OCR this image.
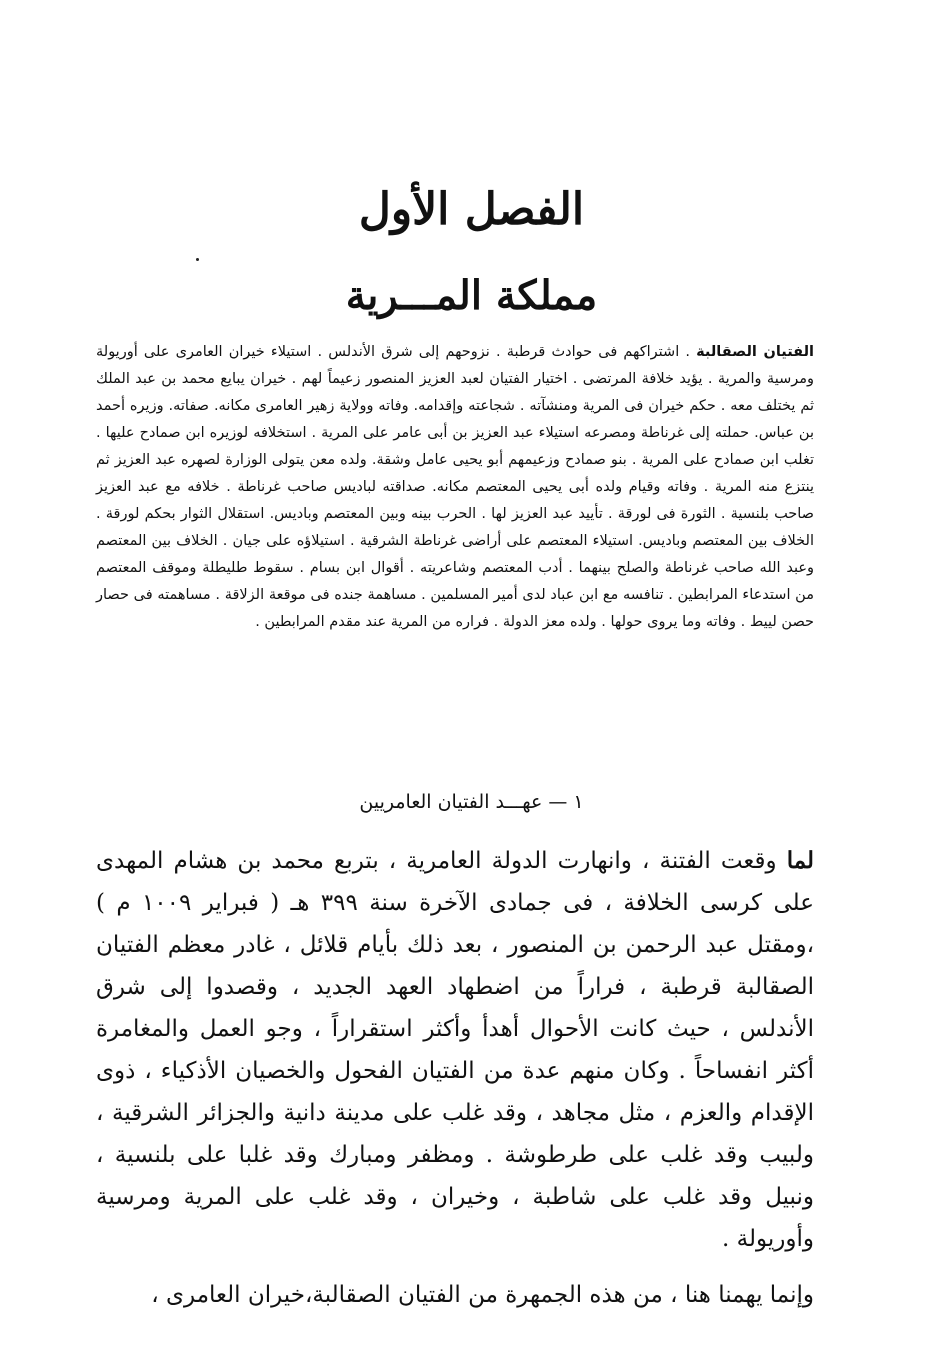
الفصل الأول
مملكة المـــرية
الفتيان الصقالبة . اشتراكهم فى حوادث قرطبة . نزوحهم إلى شرق الأندلس . استيلاء خيران العامرى على أوريولة ومرسية والمرية . يؤيد خلافة المرتضى . اختيار الفتيان لعبد العزيز المنصور زعيماً لهم . خيران يبايع محمد بن عبد الملك ثم يختلف معه . حكم خيران فى المرية ومنشآته . شجاعته وإقدامه. وفاته وولاية زهير العامرى مكانه. صفاته. وزيره أحمد بن عباس. حملته إلى غرناطة ومصرعه استيلاء عبد العزيز بن أبى عامر على المرية . استخلافه لوزيره ابن صمادح عليها . تغلب ابن صمادح على المرية . بنو صمادح وزعيمهم أبو يحيى عامل وشقة. ولده معن يتولى الوزارة لصهره عبد العزيز ثم ينتزع منه المرية . وفاته وقيام ولده أبى يحيى المعتصم مكانه. صداقته لباديس صاحب غرناطة . خلافه مع عبد العزيز صاحب بلنسية . الثورة فى لورقة . تأييد عبد العزيز لها . الحرب بينه وبين المعتصم وباديس. استقلال الثوار بحكم لورقة . الخلاف بين المعتصم وباديس. استيلاء المعتصم على أراضى غرناطة الشرقية . استيلاؤه على جيان . الخلاف بين المعتصم وعبد الله صاحب غرناطة والصلح بينهما . أدب المعتصم وشاعريته . أقوال ابن بسام . سقوط طليطلة وموقف المعتصم من استدعاء المرابطين . تنافسه مع ابن عباد لدى أمير المسلمين . مساهمة جنده فى موقعة الزلاقة . مساهمته فى حصار حصن لييط . وفاته وما يروى حولها . ولده معز الدولة . فراره من المرية عند مقدم المرابطين .
١ — عهـــد الفتيان العامريين

لما وقعت الفتنة ، وانهارت الدولة العامرية ، بتربع محمد بن هشام المهدى على كرسى الخلافة ، فى جمادى الآخرة سنة ٣٩٩ هـ ( فبراير ١٠٠٩ م ) ،ومقتل عبد الرحمن بن المنصور ، بعد ذلك بأيام قلائل ، غادر معظم الفتيان الصقالبة قرطبة ، فراراً من اضطهاد العهد الجديد ، وقصدوا إلى شرق الأندلس ، حيث كانت الأحوال أهدأ وأكثر استقراراً ، وجو العمل والمغامرة أكثر انفساحاً . وكان منهم عدة من الفتيان الفحول والخصيان الأذكياء ، ذوى الإقدام والعزم ، مثل مجاهد ، وقد غلب على مدينة دانية والجزائر الشرقية ، ولبيب وقد غلب على طرطوشة . ومظفر ومبارك وقد غلبا على بلنسية ، ونبيل وقد غلب على شاطبة ، وخيران ، وقد غلب على المرية ومرسية وأوريولة .

وإنما يهمنا هنا ، من هذه الجمهرة من الفتيان الصقالبة،خيران العامرى ،
